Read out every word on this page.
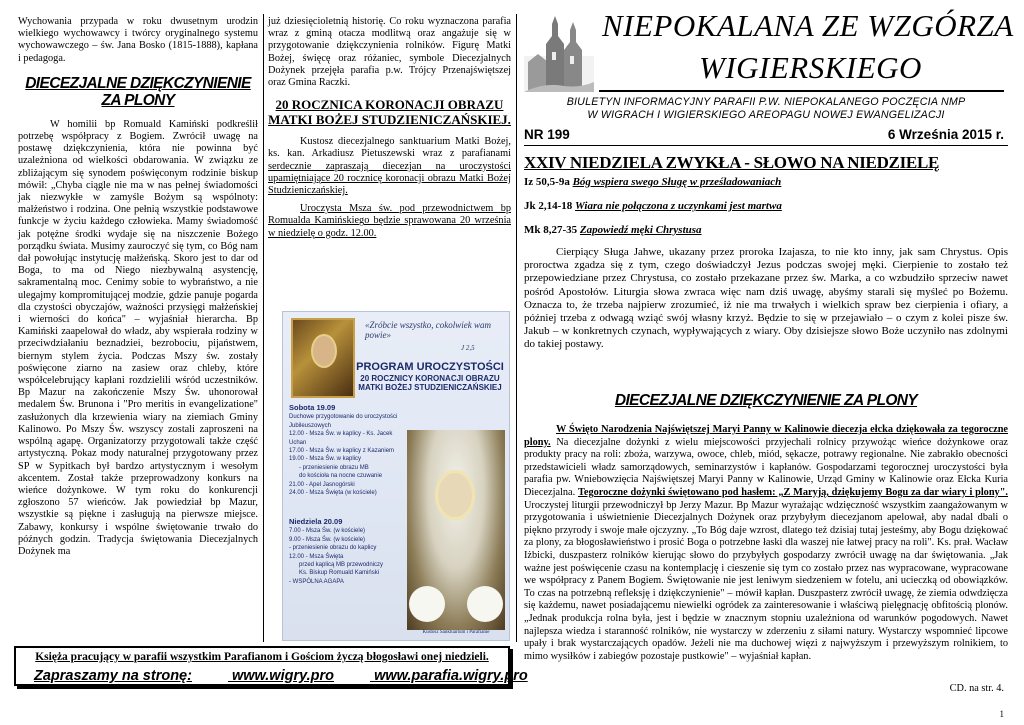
Wychowania przypada w roku dwusetnym urodzin wielkiego wychowawcy i twórcy oryginalnego systemu wychowawczego – św. Jana Bosko (1815-1888), kapłana i pedagoga.

DIECEZJALNE DZIĘKCZYNIENIE ZA PLONY

W homilii bp Romuald Kamiński podkreślił potrzebę współpracy z Bogiem. Zwrócił uwagę na postawę dziękczynienia, która nie powinna być uzależniona od wielkości obdarowania. W związku ze zbliżającym się synodem poświęconym rodzinie biskup mówił: „Chyba ciągle nie ma w nas pełnej świadomości jak niezwykłe w zamyśle Bożym są wspólnoty: małżeństwo i rodzina. One pełnią wszystkie podstawowe funkcje w życiu każdego człowieka. Mamy świadomość jak potężne środki wydaje się na niszczenie Bożego porządku świata. Musimy zauroczyć się tym, co Bóg nam dał powołując instytucję małżeńską. Skoro jest to dar od Boga, to ma od Niego niezbywalną asystencję, sakramentalną moc. Cenimy sobie to wybraństwo, a nie ulegajmy kompromitującej modzie, gdzie panuje pogarda dla czystości obyczajów, ważności przysięgi małżeńskiej i wierności do końca" – wyjaśniał hierarcha. Bp Kamiński zaapelował do władz, aby wspierała rodziny w przeciwdziałaniu beznadziei, bezrobociu, pijaństwem, biernym stylem życia. Podczas Mszy św. zostały poświęcone ziarno na zasiew oraz chleby, które współcelebrujący kapłani rozdzielili wśród uczestników. Bp Mazur na zakończenie Mszy Św. uhonorował medalem Św. Brunona i "Pro meritis in evangelizatione" zasłużonych dla krzewienia wiary na ziemiach Gminy Kalinowo. Po Mszy Św. wszyscy zostali zaproszeni na wspólną agapę. Organizatorzy przygotowali także część artystyczną. Pokaz mody naturalnej przygotowany przez SP w Sypitkach był bardzo artystycznym i wesołym akcentem. Został także przeprowadzony konkurs na wieńce dożynkowe. W tym roku do konkurencji zgłoszono 57 wieńców. Jak powiedział bp Mazur, wszystkie są piękne i zasługują na pierwsze miejsce. Zabawy, konkursy i wspólne świętowanie trwało do późnych godzin. Tradycja świętowania Diecezjalnych Dożynek ma

już dziesięcioletnią historię. Co roku wyznaczona parafia wraz z gminą otacza modlitwą oraz angażuje się w przygotowanie dziękczynienia rolników. Figurę Matki Bożej, święcę oraz różaniec, symbole Diecezjalnych Dożynek przejęła parafia p.w. Trójcy Przenajświętszej oraz Gmina Raczki.

20 ROCZNICA KORONACJI OBRAZU MATKI BOŻEJ STUDZIENICZAŃSKIEJ.

Kustosz diecezjalnego sanktuarium Matki Bożej, ks. kan. Arkadiusz Pietuszewski wraz z parafianami serdecznie zapraszają diecezjan na uroczystości upamiętniające 20 rocznicę koronacji obrazu Matki Bożej Studzieniczańskiej.

Uroczysta Msza św. pod przewodnictwem bp Romualda Kamińskiego będzie sprawowana 20 września w niedzielę o godz. 12.00.

«Zróbcie wszystko, cokolwiek wam powie»
J 2,5
PROGRAM UROCZYSTOŚCI
20 ROCZNICY KORONACJI OBRAZU MATKI BOŻEJ STUDZIENICZAŃSKIEJ
Sobota 19.09
Duchowe przygotowanie do uroczystości Jubileuszowych
12.00 - Msza Św. w kaplicy - Ks. Jacek Uchan
17.00 - Msza Św. w kaplicy z Kazaniem
19.00 - Msza Św. w kaplicy
- przeniesienie obrazu MB
do kościoła na nocne czuwanie
21.00 - Apel Jasnogórski
24.00 - Msza Święta (w kościele)
Niedziela 20.09
7.00 - Msza Św. (w kościele)
9.00 - Msza Św. (w kościele)
- przeniesienie obrazu do kaplicy
12.00 - Msza Święta
przed kaplicą MB przewodniczy
Ks. Biskup Romuald Kamiński
- WSPÓLNA AGAPA
Kustosz Sanktuarium i Parafianie
Księża pracujący w parafii wszystkim Parafianom i Gościom życzą błogosławi onej niedzieli.
Zapraszamy na stronę:	www.wigry.pro	www.parafia.wigry.pro
NIEPOKALANA ZE WZGÓRZA
WIGIERSKIEGO
BIULETYN INFORMACYJNY PARAFII P.W. NIEPOKALANEGO POCZĘCIA NMP
W WIGRACH I WIGIERSKIEGO AREOPAGU NOWEJ EWANGELIZACJI
NR 199	6 Września 2015 r.
XXIV NIEDZIELA ZWYKŁA - SŁOWO NA NIEDZIELĘ
Iz 50,5-9a Bóg wspiera swego Sługę w prześladowaniach
Jk 2,14-18 Wiara nie połączona z uczynkami jest martwa
Mk 8,27-35 Zapowiedź męki Chrystusa

Cierpiący Sługa Jahwe, ukazany przez proroka Izajasza, to nie kto inny, jak sam Chrystus. Opis proroctwa zgadza się z tym, czego doświadczył Jezus podczas swojej męki. Cierpienie to zostało też przepowiedziane przez Chrystusa, co zostało przekazane przez św. Marka, a co wzbudziło sprzeciw nawet pośród Apostołów. Liturgia słowa zwraca więc nam dziś uwagę, abyśmy starali się myśleć po Bożemu. Oznacza to, że trzeba najpierw zrozumieć, iż nie ma trwałych i wielkich spraw bez cierpienia i ofiary, a później trzeba z odwagą wziąć swój własny krzyż. Będzie to się w przejawiało – o czym z kolei pisze św. Jakub – w konkretnych czynach, wypływających z wiary. Oby dzisiejsze słowo Boże uczyniło nas zdolnymi do takiej postawy.

DIECEZJALNE DZIĘKCZYNIENIE ZA PLONY

W Święto Narodzenia Najświętszej Maryi Panny w Kalinowie diecezja ełcka dziękowała za tegoroczne plony. Na diecezjalne dożynki z wielu miejscowości przyjechali rolnicy przywożąc wieńce dożynkowe oraz produkty pracy na roli: zboża, warzywa, owoce, chleb, miód, sękacze, potrawy regionalne. Nie zabrakło obecności przedstawicieli władz samorządowych, seminarzystów i kapłanów. Gospodarzami tegorocznej uroczystości była parafia pw. Wniebowzięcia Najświętszej Maryi Panny w Kalinowie, Urząd Gminy w Kalinowie oraz Ełcka Kuria Diecezjalna. Tegoroczne dożynki świętowano pod hasłem: „Z Maryją, dziękujemy Bogu za dar wiary i plony". Uroczystej liturgii przewodniczył bp Jerzy Mazur. Bp Mazur wyrażając wdzięczność wszystkim zaangażowanym w przygotowania i uświetnienie Diecezjalnych Dożynek oraz przybyłym diecezjanom apelował, aby nadal dbali o piękno przyrody i swoje małe ojczyzny. „To Bóg daje wzrost, dlatego też dzisiaj tutaj jesteśmy, aby Bogu dziękować za plony, za błogosławieństwo i prosić Boga o potrzebne łaski dla waszej nie łatwej pracy na roli". Ks. prał. Wacław Iżbicki, duszpasterz rolników kierując słowo do przybyłych gospodarzy zwrócił uwagę na dar świętowania. „Jak ważne jest poświęcenie czasu na kontemplację i cieszenie się tym co zostało przez nas wypracowane, wypracowane we współpracy z Panem Bogiem. Świętowanie nie jest leniwym siedzeniem w fotelu, ani ucieczką od obowiązków. To czas na potrzebną refleksję i dziękczynienie" – mówił kapłan. Duszpasterz zwrócił uwagę, że ziemia odwdzięcza się każdemu, nawet posiadającemu niewielki ogródek za zainteresowanie i właściwą pielęgnację obfitością plonów. „Jednak produkcja rolna była, jest i będzie w znacznym stopniu uzależniona od warunków pogodowych. Nawet najlepsza wiedza i staranność rolników, nie wystarczy w zderzeniu z siłami natury. Wystarczy wspomnieć lipcowe upały i brak wystarczających opadów. Jeżeli nie ma duchowej więzi z najwyższym i przewyższym rolnikiem, to mimo wysiłków i zabiegów pozostaje pustkowie" – wyjaśniał kapłan.

CD. na str. 4.
1
